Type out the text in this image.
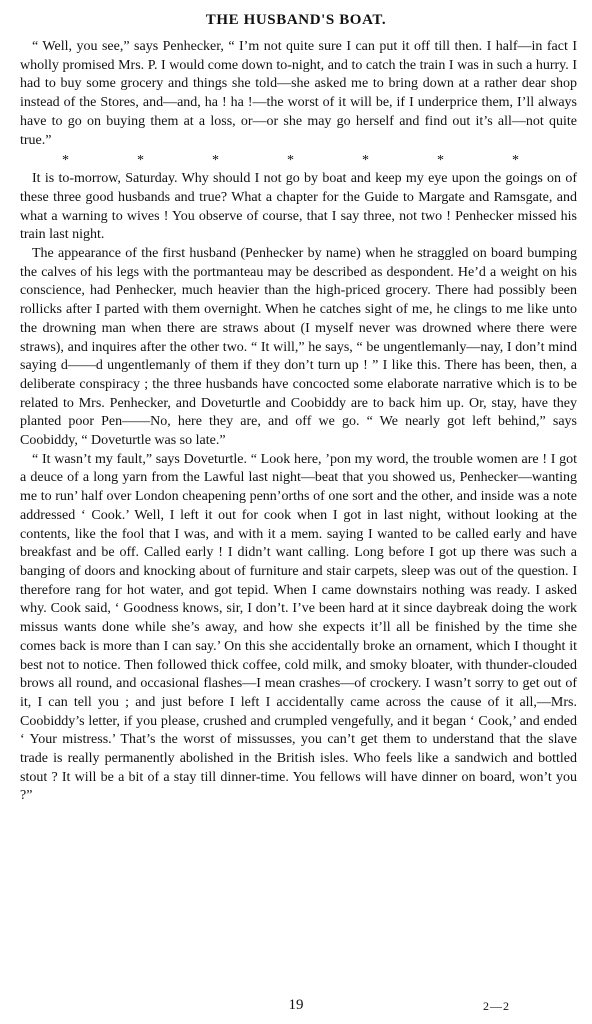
THE HUSBAND'S BOAT.

“ Well, you see,” says Penhecker, “ I’m not quite sure I can put it off till then. I half—in fact I wholly promised Mrs. P. I would come down to-night, and to catch the train I was in such a hurry. I had to buy some grocery and things she told—she asked me to bring down at a rather dear shop instead of the Stores, and—and, ha ! ha !—the worst of it will be, if I underprice them, I’ll always have to go on buying them at a loss, or—or she may go herself and find out it’s all—not quite true.”

*	*	*	*	*	*	*

It is to-morrow, Saturday. Why should I not go by boat and keep my eye upon the goings on of these three good husbands and true? What a chapter for the Guide to Margate and Ramsgate, and what a warning to wives ! You observe of course, that I say three, not two ! Penhecker missed his train last night.

The appearance of the first husband (Penhecker by name) when he straggled on board bumping the calves of his legs with the portmanteau may be described as despondent. He’d a weight on his conscience, had Penhecker, much heavier than the high-priced grocery. There had possibly been rollicks after I parted with them overnight. When he catches sight of me, he clings to me like unto the drowning man when there are straws about (I myself never was drowned where there were straws), and inquires after the other two. “ It will,” he says, “ be ungentlemanly—nay, I don’t mind saying d——d ungentlemanly of them if they don’t turn up ! ” I like this. There has been, then, a deliberate conspiracy ; the three husbands have concocted some elaborate narrative which is to be related to Mrs. Penhecker, and Doveturtle and Coobiddy are to back him up. Or, stay, have they planted poor Pen——No, here they are, and off we go. “ We nearly got left behind,” says Coobiddy, “ Doveturtle was so late.”

“ It wasn’t my fault,” says Doveturtle. “ Look here, ’pon my word, the trouble women are ! I got a deuce of a long yarn from the Lawful last night—beat that you showed us, Penhecker—wanting me to run’ half over London cheapening penn’orths of one sort and the other, and inside was a note addressed ‘ Cook.’ Well, I left it out for cook when I got in last night, without looking at the contents, like the fool that I was, and with it a mem. saying I wanted to be called early and have breakfast and be off. Called early ! I didn’t want calling. Long before I got up there was such a banging of doors and knocking about of furniture and stair carpets, sleep was out of the question. I therefore rang for hot water, and got tepid. When I came downstairs nothing was ready. I asked why. Cook said, ‘ Goodness knows, sir, I don’t. I’ve been hard at it since daybreak doing the work missus wants done while she’s away, and how she expects it’ll all be finished by the time she comes back is more than I can say.’ On this she accidentally broke an ornament, which I thought it best not to notice. Then followed thick coffee, cold milk, and smoky bloater, with thunder-clouded brows all round, and occasional flashes—I mean crashes—of crockery. I wasn’t sorry to get out of it, I can tell you ; and just before I left I accidentally came across the cause of it all,—Mrs. Coobiddy’s letter, if you please, crushed and crumpled vengefully, and it began ‘ Cook,’ and ended ‘ Your mistress.’ That’s the worst of missusses, you can’t get them to understand that the slave trade is really permanently abolished in the British isles. Who feels like a sandwich and bottled stout ? It will be a bit of a stay till dinner-time. You fellows will have dinner on board, won’t you ?”

19	2—2
